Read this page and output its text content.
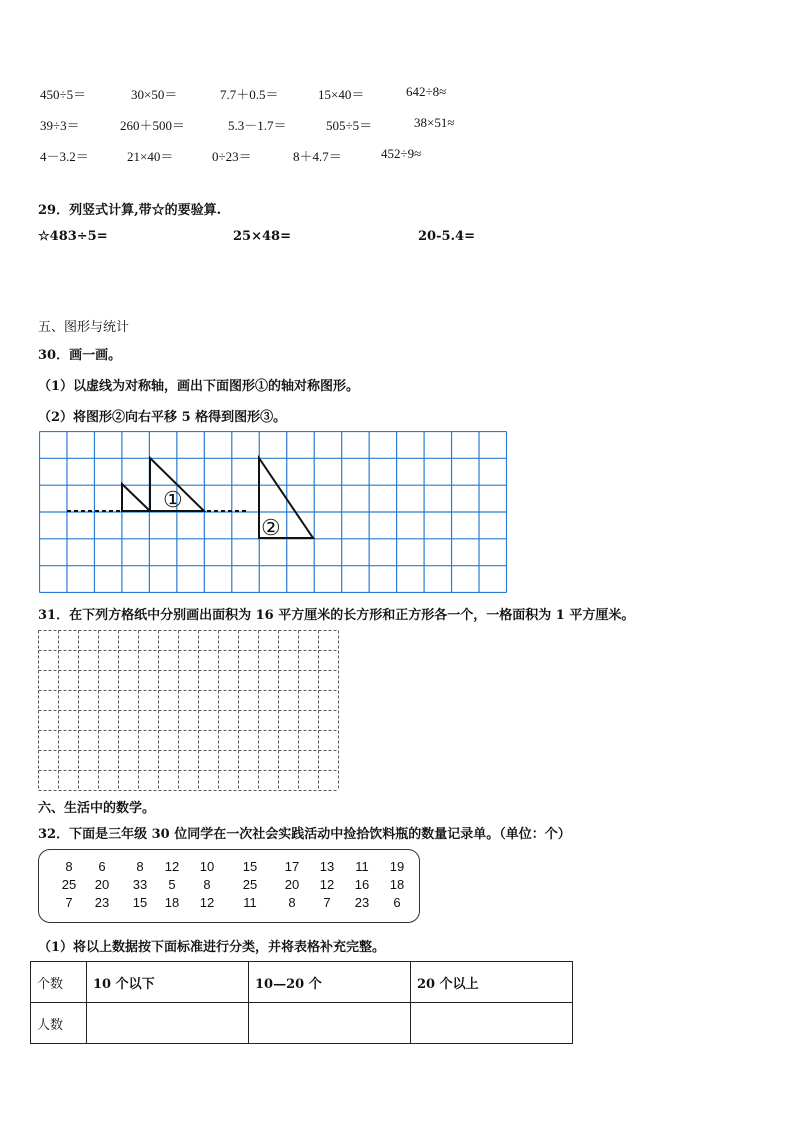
450÷5＝	30×50＝	7.7＋0.5＝	15×40＝	642÷8≈
39÷3＝	260＋500＝	5.3－1.7＝	505÷5＝	38×51≈
4－3.2＝	21×40＝	0÷23＝	8＋4.7＝	452÷9≈
29．列竖式计算,带☆的要验算.
☆483÷5=	25×48=	20-5.4=
五、图形与统计
30．画一画。
（1）以虚线为对称轴，画出下面图形①的轴对称图形。
（2）将图形②向右平移 5 格得到图形③。
①
②
31．在下列方格纸中分别画出面积为 16 平方厘米的长方形和正方形各一个，一格面积为 1 平方厘米。
六、生活中的数学。
32．下面是三年级 30 位同学在一次社会实践活动中捡拾饮料瓶的数量记录单。（单位：个）
8	6	8	12	10	15	17	13	11	19
25	20	33	5	8	25	20	12	16	18
7	23	15	18	12	11	8	7	23	6
（1）将以上数据按下面标准进行分类，并将表格补充完整。
个数	10 个以下	10—20 个	20 个以上
人数			
